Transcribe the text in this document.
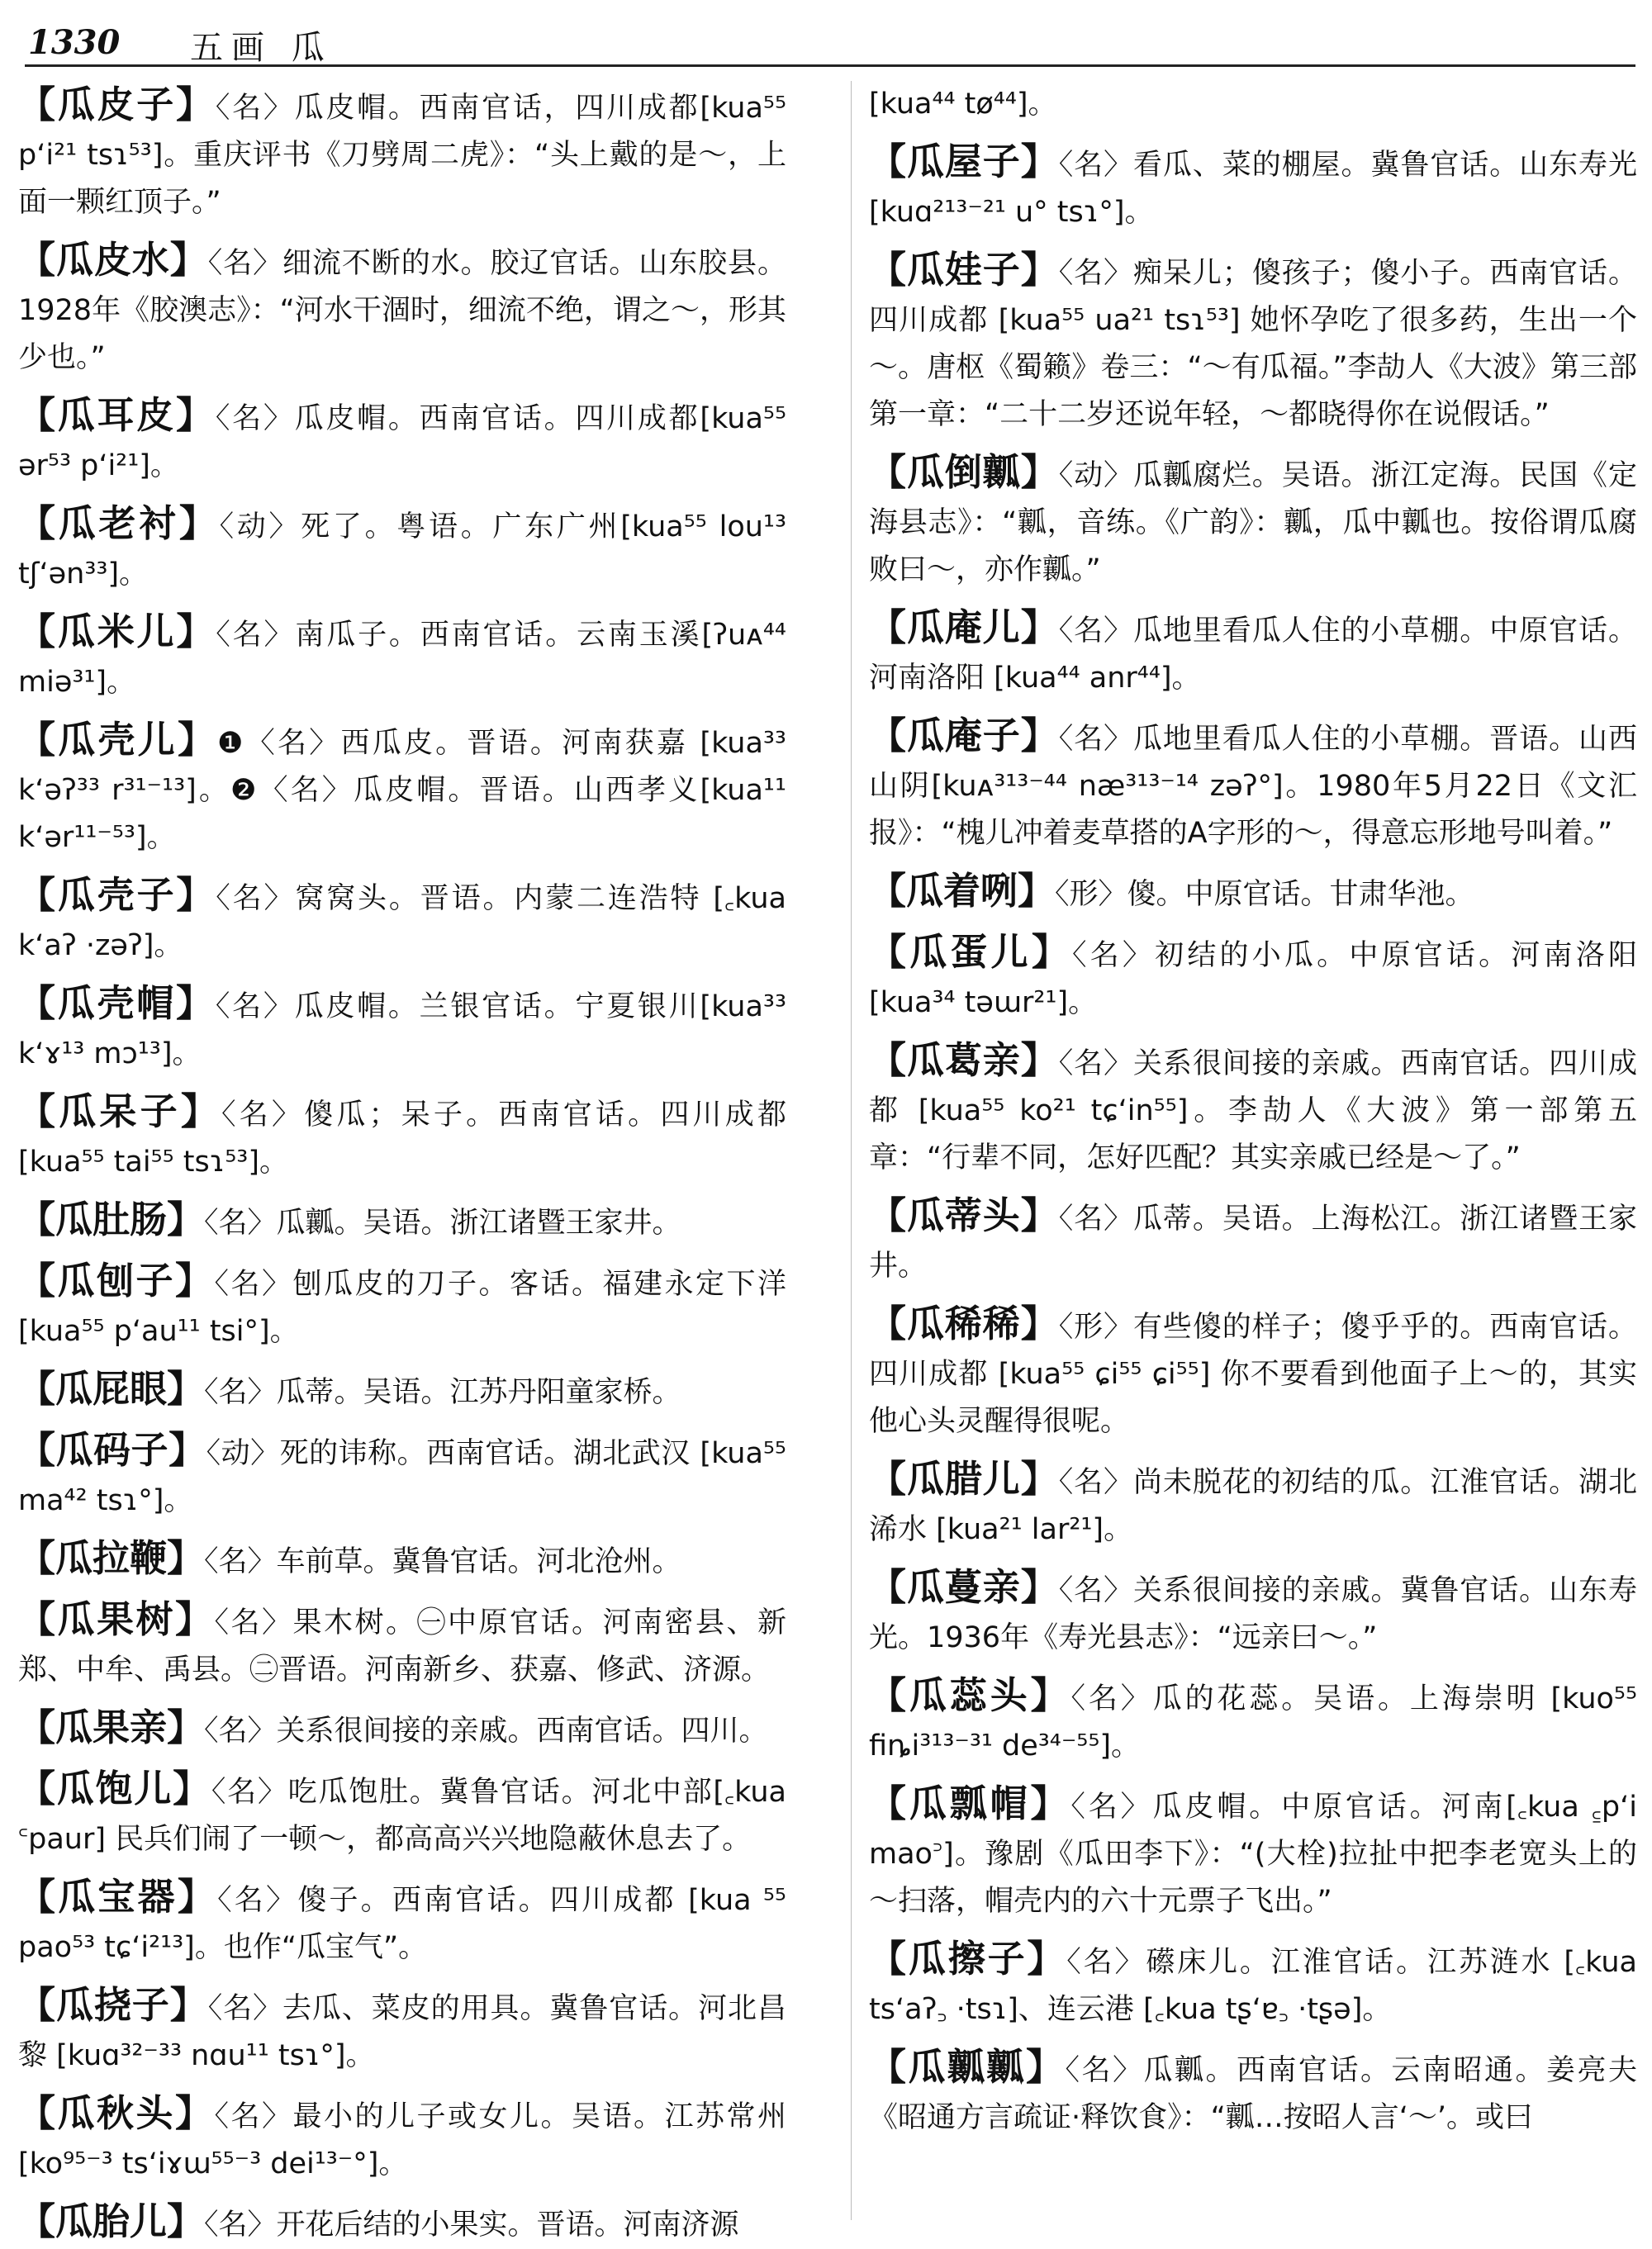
1330 五画 瓜

【瓜皮子】〈名〉瓜皮帽。西南官话，四川成都[kua⁵⁵ p‘i²¹ tsɿ⁵³]。重庆评书《刀劈周二虎》：“头上戴的是～，上面一颗红顶子。”

【瓜皮水】〈名〉细流不断的水。胶辽官话。山东胶县。1928年《胶澳志》：“河水干涸时，细流不绝，谓之～，形其少也。”

【瓜耳皮】〈名〉瓜皮帽。西南官话。四川成都[kua⁵⁵ ər⁵³ p‘i²¹]。

【瓜老衬】〈动〉死了。粤语。广东广州[kua⁵⁵ lou¹³ tʃ‘ən³³]。

【瓜米儿】〈名〉南瓜子。西南官话。云南玉溪[ʔuᴀ⁴⁴ miə³¹]。

【瓜壳儿】❶〈名〉西瓜皮。晋语。河南获嘉 [kua³³ k‘əʔ³³ r³¹⁻¹³]。❷〈名〉瓜皮帽。晋语。山西孝义[kua¹¹ k‘ər¹¹⁻⁵³]。

【瓜壳子】〈名〉窝窝头。晋语。内蒙二连浩特 [꜀kua k‘aʔ ·zəʔ]。

【瓜壳帽】〈名〉瓜皮帽。兰银官话。宁夏银川[kua³³ k‘ɤ¹³ mɔ¹³]。

【瓜呆子】〈名〉傻瓜；呆子。西南官话。四川成都 [kua⁵⁵ tai⁵⁵ tsɿ⁵³]。

【瓜肚肠】〈名〉瓜瓤。吴语。浙江诸暨王家井。

【瓜刨子】〈名〉刨瓜皮的刀子。客话。福建永定下洋 [kua⁵⁵ p‘au¹¹ tsi°]。

【瓜屁眼】〈名〉瓜蒂。吴语。江苏丹阳童家桥。

【瓜码子】〈动〉死的讳称。西南官话。湖北武汉 [kua⁵⁵ ma⁴² tsɿ°]。

【瓜拉鞭】〈名〉车前草。冀鲁官话。河北沧州。

【瓜果树】〈名〉果木树。㊀中原官话。河南密县、新郑、中牟、禹县。㊁晋语。河南新乡、获嘉、修武、济源。

【瓜果亲】〈名〉关系很间接的亲戚。西南官话。四川。

【瓜饱儿】〈名〉吃瓜饱肚。冀鲁官话。河北中部[꜀kua ꜂paur] 民兵们闹了一顿～，都高高兴兴地隐蔽休息去了。

【瓜宝器】〈名〉傻子。西南官话。四川成都 [kua ⁵⁵ pao⁵³ tɕ‘i²¹³]。也作“瓜宝气”。

【瓜挠子】〈名〉去瓜、菜皮的用具。冀鲁官话。河北昌黎 [kuɑ³²⁻³³ nɑu¹¹ tsɿ°]。

【瓜秋头】〈名〉最小的儿子或女儿。吴语。江苏常州 [ko⁹⁵⁻³ ts‘iɤɯ⁵⁵⁻³ dei¹³⁻°]。

【瓜胎儿】〈名〉开花后结的小果实。晋语。河南济源

[kua⁴⁴ tø⁴⁴]。

【瓜屋子】〈名〉看瓜、菜的棚屋。冀鲁官话。山东寿光[kuɑ²¹³⁻²¹ u° tsɿ°]。

【瓜娃子】〈名〉痴呆儿；傻孩子；傻小子。西南官话。四川成都 [kua⁵⁵ ua²¹ tsɿ⁵³] 她怀孕吃了很多药，生出一个～。唐枢《蜀籁》卷三：“～有瓜福。”李劼人《大波》第三部第一章：“二十二岁还说年轻，～都晓得你在说假话。”

【瓜倒瓤】〈动〉瓜瓤腐烂。吴语。浙江定海。民国《定海县志》：“瓤，音练。《广韵》：瓤，瓜中瓤也。按俗谓瓜腐败曰～，亦作瓤。”

【瓜庵儿】〈名〉瓜地里看瓜人住的小草棚。中原官话。河南洛阳 [kua⁴⁴ anr⁴⁴]。

【瓜庵子】〈名〉瓜地里看瓜人住的小草棚。晋语。山西山阴[kuᴀ³¹³⁻⁴⁴ næ³¹³⁻¹⁴ zəʔ°]。1980年5月22日《文汇报》：“槐儿冲着麦草搭的A字形的～，得意忘形地号叫着。”

【瓜着咧】〈形〉傻。中原官话。甘肃华池。

【瓜蛋儿】〈名〉初结的小瓜。中原官话。河南洛阳 [kua³⁴ təɯr²¹]。

【瓜葛亲】〈名〉关系很间接的亲戚。西南官话。四川成都 [kua⁵⁵ ko²¹ tɕ‘in⁵⁵]。李劼人《大波》第一部第五章：“行辈不同，怎好匹配？其实亲戚已经是～了。”

【瓜蒂头】〈名〉瓜蒂。吴语。上海松江。浙江诸暨王家井。

【瓜稀稀】〈形〉有些傻的样子；傻乎乎的。西南官话。四川成都 [kua⁵⁵ ɕi⁵⁵ ɕi⁵⁵] 你不要看到他面子上～的，其实他心头灵醒得很呢。

【瓜腊儿】〈名〉尚未脱花的初结的瓜。江淮官话。湖北浠水 [kua²¹ lar²¹]。

【瓜蔓亲】〈名〉关系很间接的亲戚。冀鲁官话。山东寿光。1936年《寿光县志》：“远亲曰～。”

【瓜蕊头】〈名〉瓜的花蕊。吴语。上海崇明 [kuo⁵⁵ fiȵi³¹³⁻³¹ de³⁴⁻⁵⁵]。

【瓜瓢帽】〈名〉瓜皮帽。中原官话。河南[꜀kua ꜁p‘i mao꜄]。豫剧《瓜田李下》：“(大栓)拉扯中把李老宽头上的～扫落，帽壳内的六十元票子飞出。”

【瓜擦子】〈名〉礤床儿。江淮官话。江苏涟水 [꜀kua ts‘aʔ꜆ ·tsɿ]、连云港 [꜀kua tʂ‘ɐ꜆ ·tʂə]。

【瓜瓤瓤】〈名〉瓜瓤。西南官话。云南昭通。姜亮夫《昭通方言疏证·释饮食》：“瓤…按昭人言‘～’。或曰
